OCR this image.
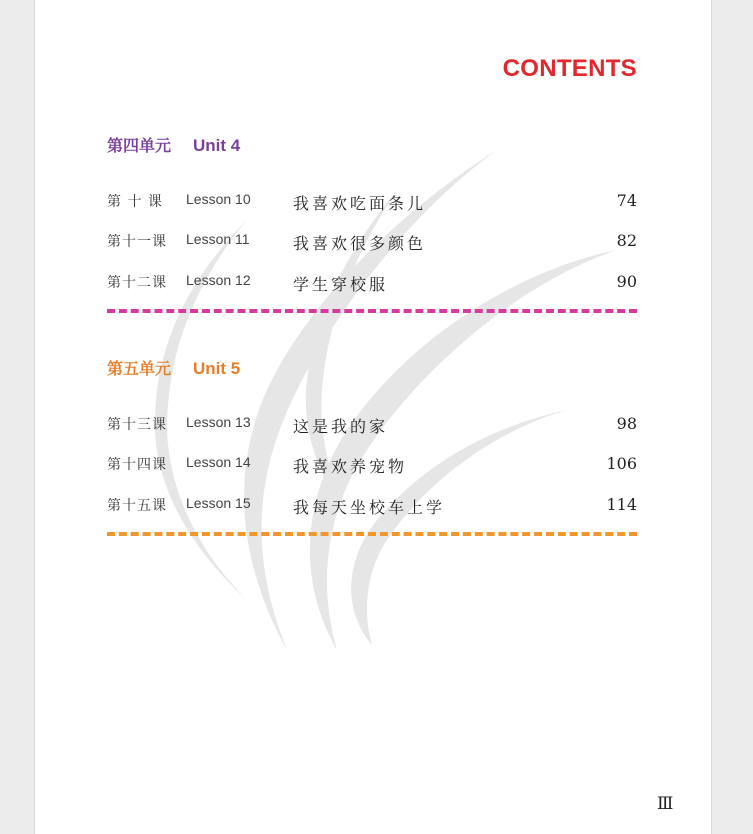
CONTENTS
第四单元 Unit 4
第 十 课 Lesson 10	我喜欢吃面条儿	74
第十一课 Lesson 11	我喜欢很多颜色	82
第十二课 Lesson 12	学生穿校服	90
第五单元 Unit 5
第十三课 Lesson 13	这是我的家	98
第十四课 Lesson 14	我喜欢养宠物	106
第十五课 Lesson 15	我每天坐校车上学	114
Ⅲ
